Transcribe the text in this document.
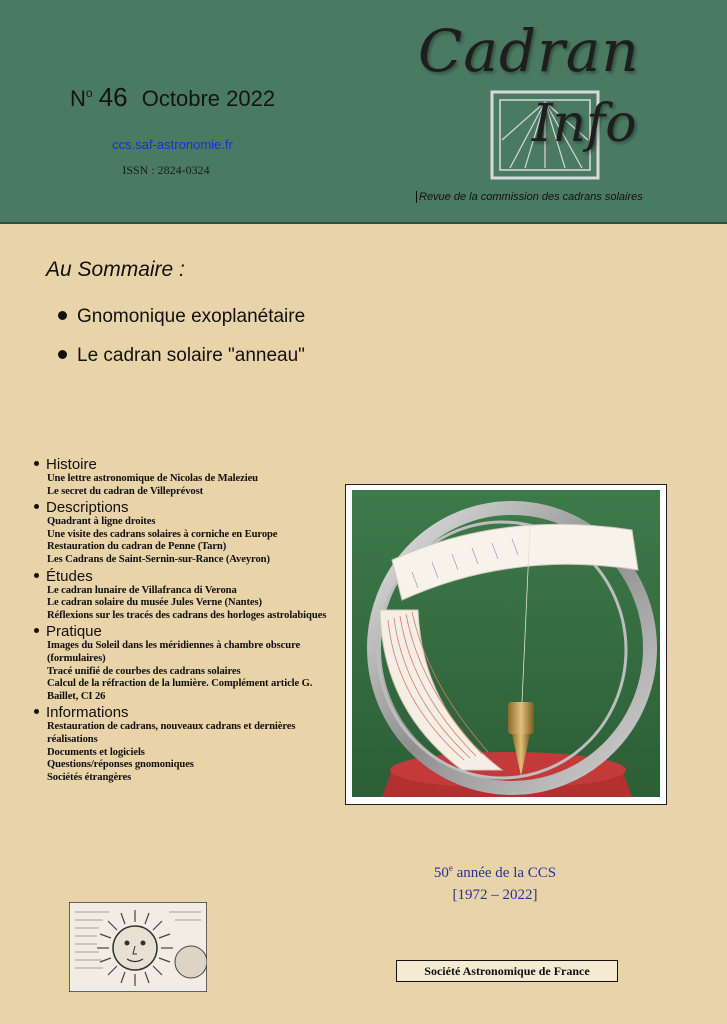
$N^o$ 46 Octobre 2022
ccs.saf-astronomie.fr
ISSN : 2824-0324
Cadran
Info
Revue de la commission des cadrans solaires
Au Sommaire :
Gnomonique exoplanétaire
Le cadran solaire "anneau"
Histoire
Une lettre astronomique de Nicolas de Malezieu
Le secret du cadran de Villeprévost
Descriptions
Quadrant à ligne droites
Une visite des cadrans solaires à corniche en Europe
Restauration du cadran de Penne (Tarn)
Les Cadrans de Saint-Sernin-sur-Rance (Aveyron)
Études
Le cadran lunaire de Villafranca di Verona
Le cadran solaire du musée Jules Verne (Nantes)
Réflexions sur les tracés des cadrans des horloges astrolabiques
Pratique
Images du Soleil dans les méridiennes à chambre obscure (formulaires)
Tracé unifié de courbes des cadrans solaires
Calcul de la réfraction de la lumière. Complément article G. Baillet, CI 26
Informations
Restauration de cadrans, nouveaux cadrans et dernières réalisations
Documents et logiciels
Questions/réponses gnomoniques
Sociétés étrangères
50e année de la CCS
[1972 – 2022]
Société Astronomique de France
